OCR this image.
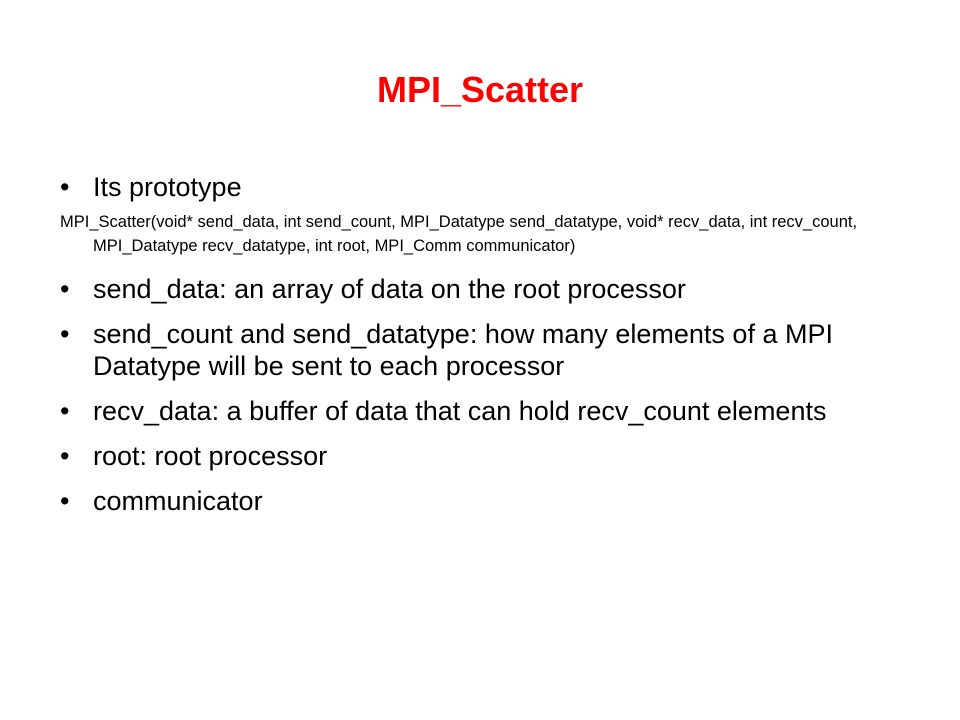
MPI_Scatter
• Its prototype
MPI_Scatter(void* send_data, int send_count, MPI_Datatype send_datatype, void* recv_data, int recv_count, MPI_Datatype recv_datatype, int root, MPI_Comm communicator)
• send_data: an array of data on the root processor
• send_count and send_datatype: how many elements of a MPI Datatype will be sent to each processor
• recv_data: a buffer of data that can hold recv_count elements
• root: root processor
• communicator
